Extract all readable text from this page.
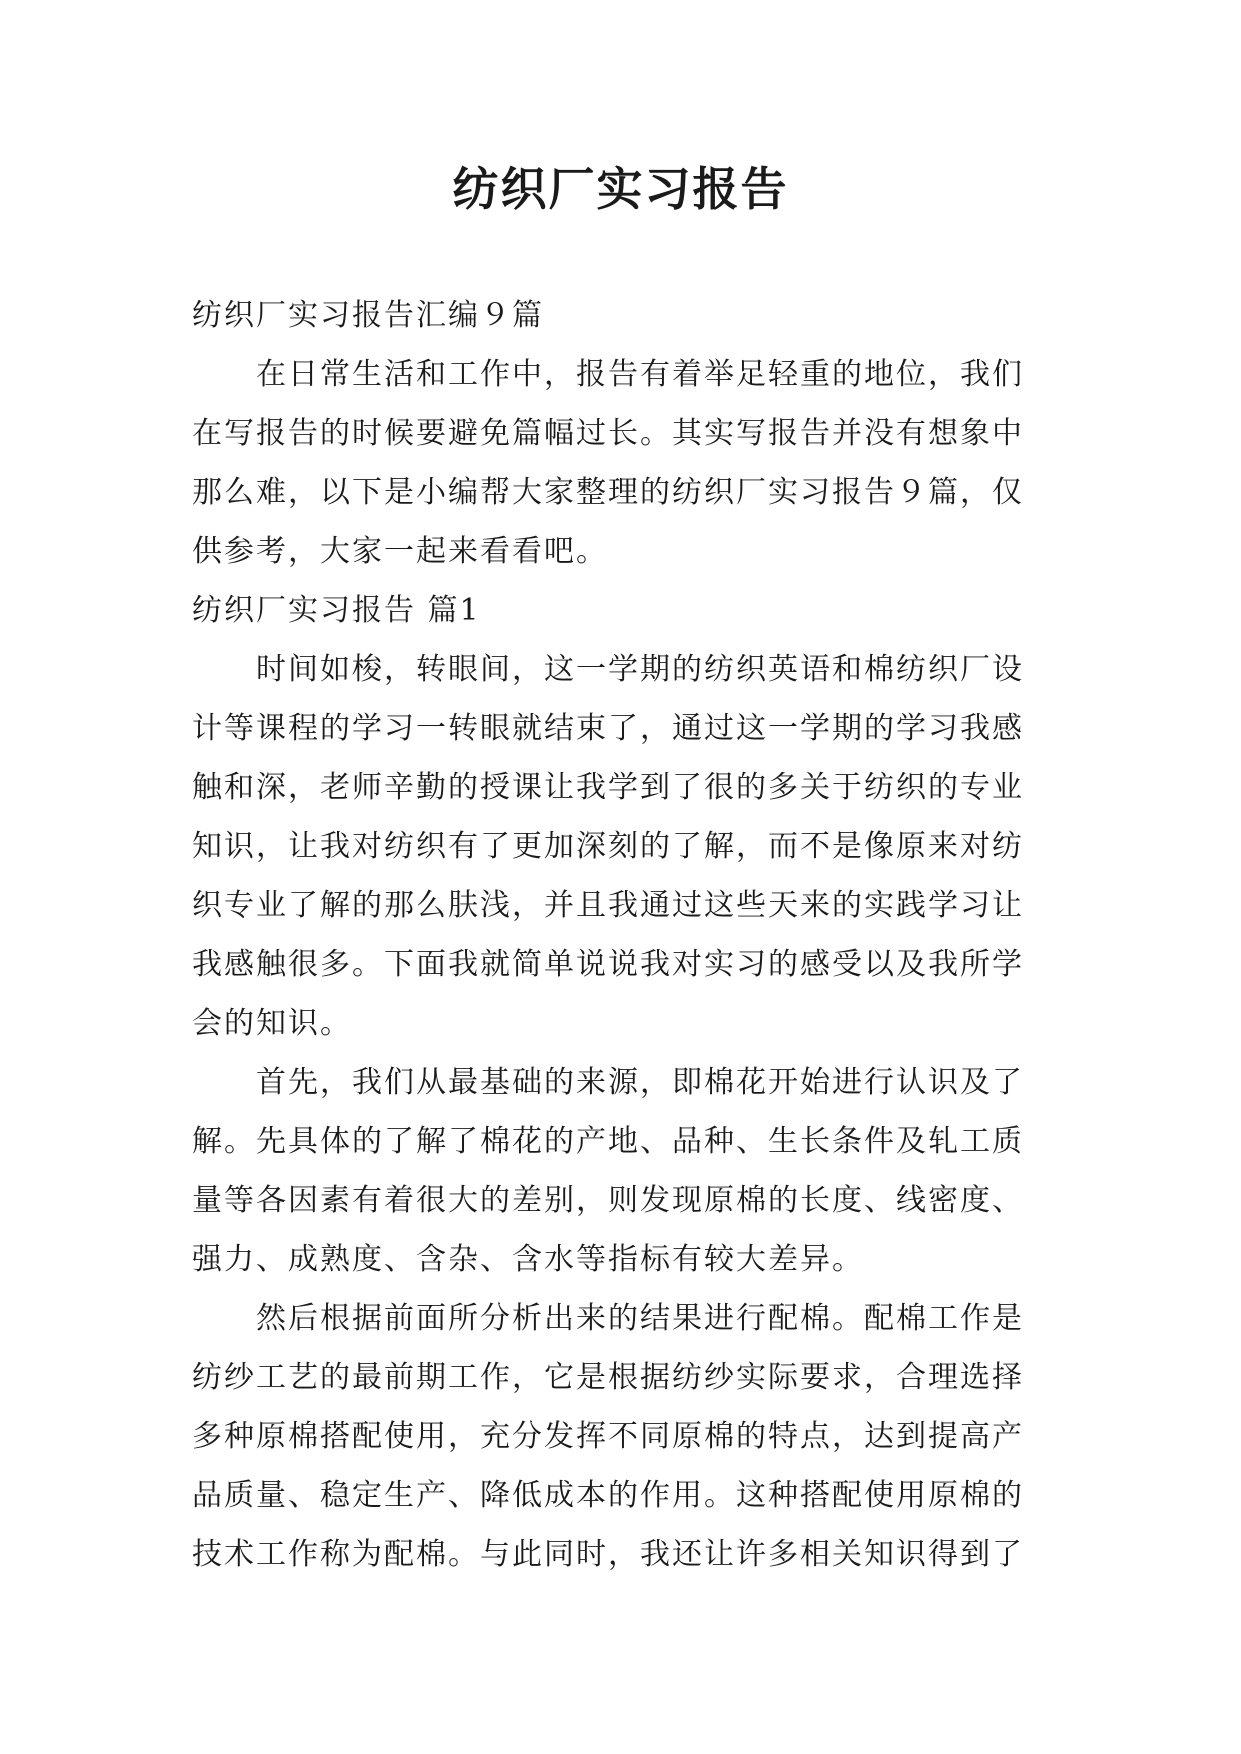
纺织厂实习报告

纺织厂实习报告汇编９篇

在日常生活和工作中，报告有着举足轻重的地位，我们在写报告的时候要避免篇幅过长。其实写报告并没有想象中那么难，以下是小编帮大家整理的纺织厂实习报告９篇，仅供参考，大家一起来看看吧。

纺织厂实习报告 篇1

时间如梭，转眼间，这一学期的纺织英语和棉纺织厂设计等课程的学习一转眼就结束了，通过这一学期的学习我感触和深，老师辛勤的授课让我学到了很的多关于纺织的专业知识，让我对纺织有了更加深刻的了解，而不是像原来对纺织专业了解的那么肤浅，并且我通过这些天来的实践学习让我感触很多。下面我就简单说说我对实习的感受以及我所学会的知识。

首先，我们从最基础的来源，即棉花开始进行认识及了解。先具体的了解了棉花的产地、品种、生长条件及轧工质量等各因素有着很大的差别，则发现原棉的长度、线密度、强力、成熟度、含杂、含水等指标有较大差异。

然后根据前面所分析出来的结果进行配棉。配棉工作是纺纱工艺的最前期工作，它是根据纺纱实际要求，合理选择多种原棉搭配使用，充分发挥不同原棉的特点，达到提高产品质量、稳定生产、降低成本的作用。这种搭配使用原棉的技术工作称为配棉。与此同时，我还让许多相关知识得到了
